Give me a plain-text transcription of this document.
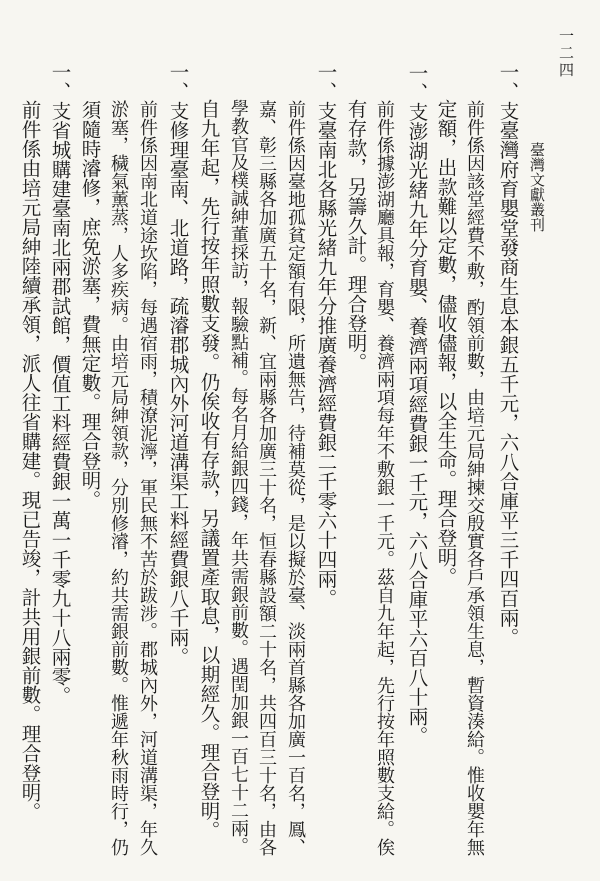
一二四
臺灣文獻叢刊
一、支臺灣府育嬰堂發商生息本銀五千元，六八合庫平三千四百兩。
前件係因該堂經費不敷，酌領前數，由培元局紳揀交殷實各戶承領生息，暫資湊給。惟收嬰年無
定額，出款難以定數，儘收儘報，以全生命。理合登明。
一、支澎湖光緒九年分育嬰、養濟兩項經費銀一千元，六八合庫平六百八十兩。
前件係據澎湖廳具報，育嬰、養濟兩項每年不敷銀一千元。茲自九年起，先行按年照數支給。俟
有存款，另籌久計。理合登明。
一、支臺南北各縣光緒九年分推廣養濟經費銀二千零六十四兩。
前件係因臺地孤貧定額有限，所遺無告，待補莫從，是以擬於臺、淡兩首縣各加廣一百名，鳳、
嘉、彰三縣各加廣五十名，新、宜兩縣各加廣三十名，恒春縣設額二十名，共四百三十名，由各
學教官及樸誠紳董採訪，報驗點補。每名月給銀四錢，年共需銀前數。遇閏加銀一百七十二兩。
自九年起，先行按年照數支發。仍俟收有存款，另議置產取息，以期經久。理合登明。
一、支修理臺南、北道路，疏濬郡城內外河道溝渠工料經費銀八千兩。
前件係因南北道途坎陷，每遇宿雨，積潦泥濘，軍民無不苦於跋涉。郡城內外，河道溝渠，年久
淤塞，穢氣薰蒸，人多疾病。由培元局紳領款，分別修濬，約共需銀前數。惟遞年秋雨時行，仍
須隨時濬修，庶免淤塞，費無定數。理合登明。
一、支省城購建臺南北兩郡試館，價值工料經費銀一萬一千零九十八兩零。
前件係由培元局紳陸續承領，派人往省購建。現已告竣，計共用銀前數。理合登明。
